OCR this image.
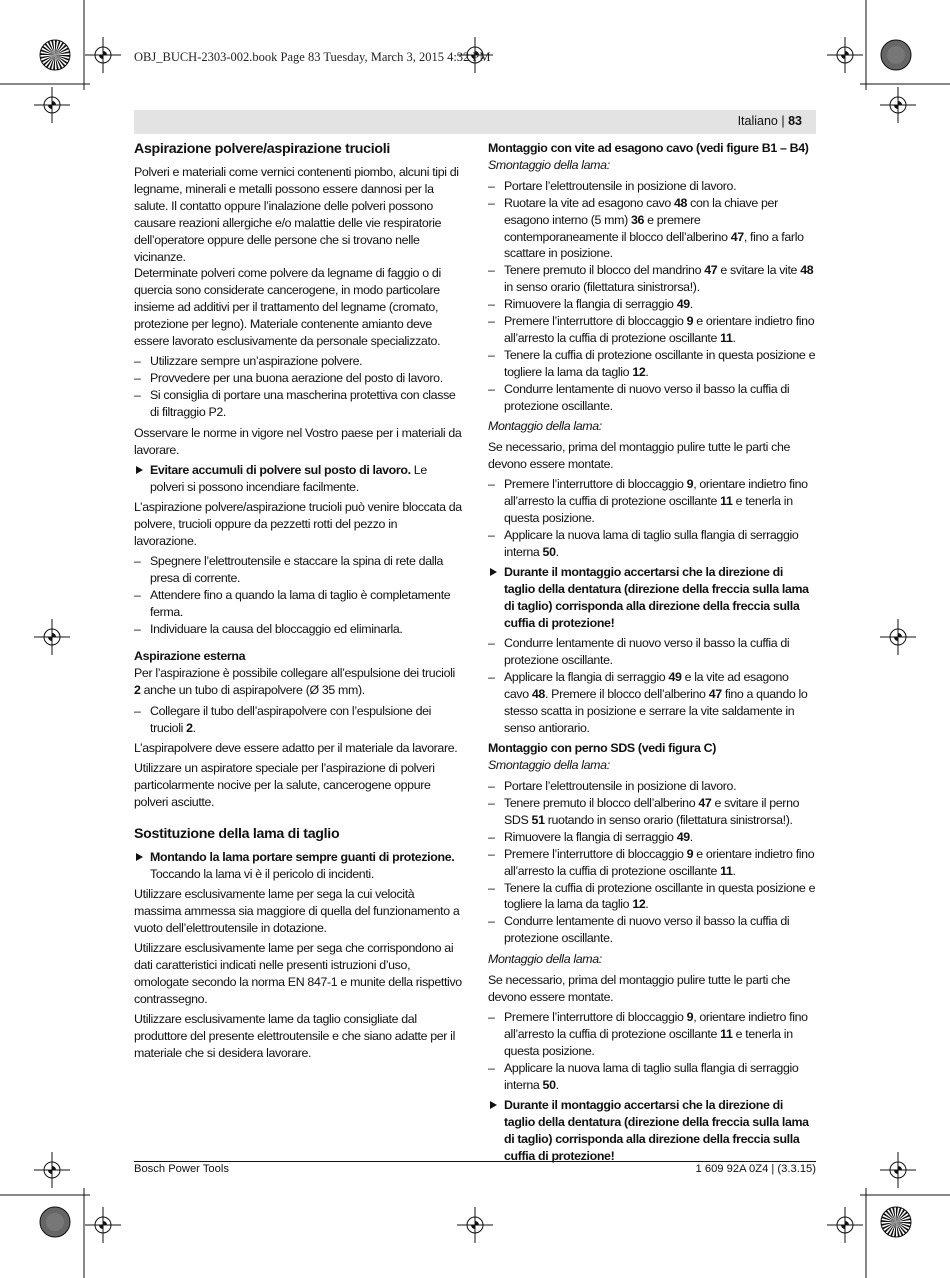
OBJ_BUCH-2303-002.book Page 83 Tuesday, March 3, 2015 4:32 PM
Italiano | 83
Aspirazione polvere/aspirazione trucioli

Polveri e materiali come vernici contenenti piombo, alcuni tipi di legname, minerali e metalli possono essere dannosi per la salute. Il contatto oppure l’inalazione delle polveri possono causare reazioni allergiche e/o malattie delle vie respiratorie dell’operatore oppure delle persone che si trovano nelle vicinanze.

Determinate polveri come polvere da legname di faggio o di quercia sono considerate cancerogene, in modo particolare insieme ad additivi per il trattamento del legname (cromato, protezione per legno). Materiale contenente amianto deve essere lavorato esclusivamente da personale specializzato.

– Utilizzare sempre un’aspirazione polvere.
– Provvedere per una buona aerazione del posto di lavoro.
– Si consiglia di portare una mascherina protettiva con classe di filtraggio P2.

Osservare le norme in vigore nel Vostro paese per i materiali da lavorare.

Evitare accumuli di polvere sul posto di lavoro. Le polveri si possono incendiare facilmente.

L’aspirazione polvere/aspirazione trucioli può venire bloccata da polvere, trucioli oppure da pezzetti rotti del pezzo in lavorazione.

– Spegnere l’elettroutensile e staccare la spina di rete dalla presa di corrente.
– Attendere fino a quando la lama di taglio è completamente ferma.
– Individuare la causa del bloccaggio ed eliminarla.
Aspirazione esterna

Per l’aspirazione è possibile collegare all’espulsione dei trucioli 2 anche un tubo di aspirapolvere (Ø 35 mm).

– Collegare il tubo dell’aspirapolvere con l’espulsione dei trucioli 2.

L’aspirapolvere deve essere adatto per il materiale da lavorare.

Utilizzare un aspiratore speciale per l’aspirazione di polveri particolarmente nocive per la salute, cancerogene oppure polveri asciutte.

Sostituzione della lama di taglio
Montando la lama portare sempre guanti di protezione. Toccando la lama vi è il pericolo di incidenti.

Utilizzare esclusivamente lame per sega la cui velocità massima ammessa sia maggiore di quella del funzionamento a vuoto dell’elettroutensile in dotazione.

Utilizzare esclusivamente lame per sega che corrispondono ai dati caratteristici indicati nelle presenti istruzioni d’uso, omologate secondo la norma EN 847-1 e munite della rispettivo contrassegno.

Utilizzare esclusivamente lame da taglio consigliate dal produttore del presente elettroutensile e che siano adatte per il materiale che si desidera lavorare.

Montaggio con vite ad esagono cavo (vedi figure B1 – B4)

Smontaggio della lama:

– Portare l’elettroutensile in posizione di lavoro.
– Ruotare la vite ad esagono cavo 48 con la chiave per esagono interno (5 mm) 36 e premere contemporaneamente il blocco dell’alberino 47, fino a farlo scattare in posizione.
– Tenere premuto il blocco del mandrino 47 e svitare la vite 48 in senso orario (filettatura sinistrorsa!).
– Rimuovere la flangia di serraggio 49.
– Premere l’interruttore di bloccaggio 9 e orientare indietro fino all’arresto la cuffia di protezione oscillante 11.
– Tenere la cuffia di protezione oscillante in questa posizione e togliere la lama da taglio 12.
– Condurre lentamente di nuovo verso il basso la cuffia di protezione oscillante.

Montaggio della lama:

Se necessario, prima del montaggio pulire tutte le parti che devono essere montate.

– Premere l’interruttore di bloccaggio 9, orientare indietro fino all’arresto la cuffia di protezione oscillante 11 e tenerla in questa posizione.
– Applicare la nuova lama di taglio sulla flangia di serraggio interna 50.
Durante il montaggio accertarsi che la direzione di taglio della dentatura (direzione della freccia sulla lama di taglio) corrisponda alla direzione della freccia sulla cuffia di protezione!
– Condurre lentamente di nuovo verso il basso la cuffia di protezione oscillante.
– Applicare la flangia di serraggio 49 e la vite ad esagono cavo 48. Premere il blocco dell’alberino 47 fino a quando lo stesso scatta in posizione e serrare la vite saldamente in senso antiorario.
Montaggio con perno SDS (vedi figura C)

Smontaggio della lama:

– Portare l’elettroutensile in posizione di lavoro.
– Tenere premuto il blocco dell’alberino 47 e svitare il perno SDS 51 ruotando in senso orario (filettatura sinistrorsa!).
– Rimuovere la flangia di serraggio 49.
– Premere l’interruttore di bloccaggio 9 e orientare indietro fino all’arresto la cuffia di protezione oscillante 11.
– Tenere la cuffia di protezione oscillante in questa posizione e togliere la lama da taglio 12.
– Condurre lentamente di nuovo verso il basso la cuffia di protezione oscillante.

Montaggio della lama:

Se necessario, prima del montaggio pulire tutte le parti che devono essere montate.

– Premere l’interruttore di bloccaggio 9, orientare indietro fino all’arresto la cuffia di protezione oscillante 11 e tenerla in questa posizione.
– Applicare la nuova lama di taglio sulla flangia di serraggio interna 50.
Durante il montaggio accertarsi che la direzione di taglio della dentatura (direzione della freccia sulla lama di taglio) corrisponda alla direzione della freccia sulla cuffia di protezione!
Bosch Power Tools	1 609 92A 0Z4 | (3.3.15)
